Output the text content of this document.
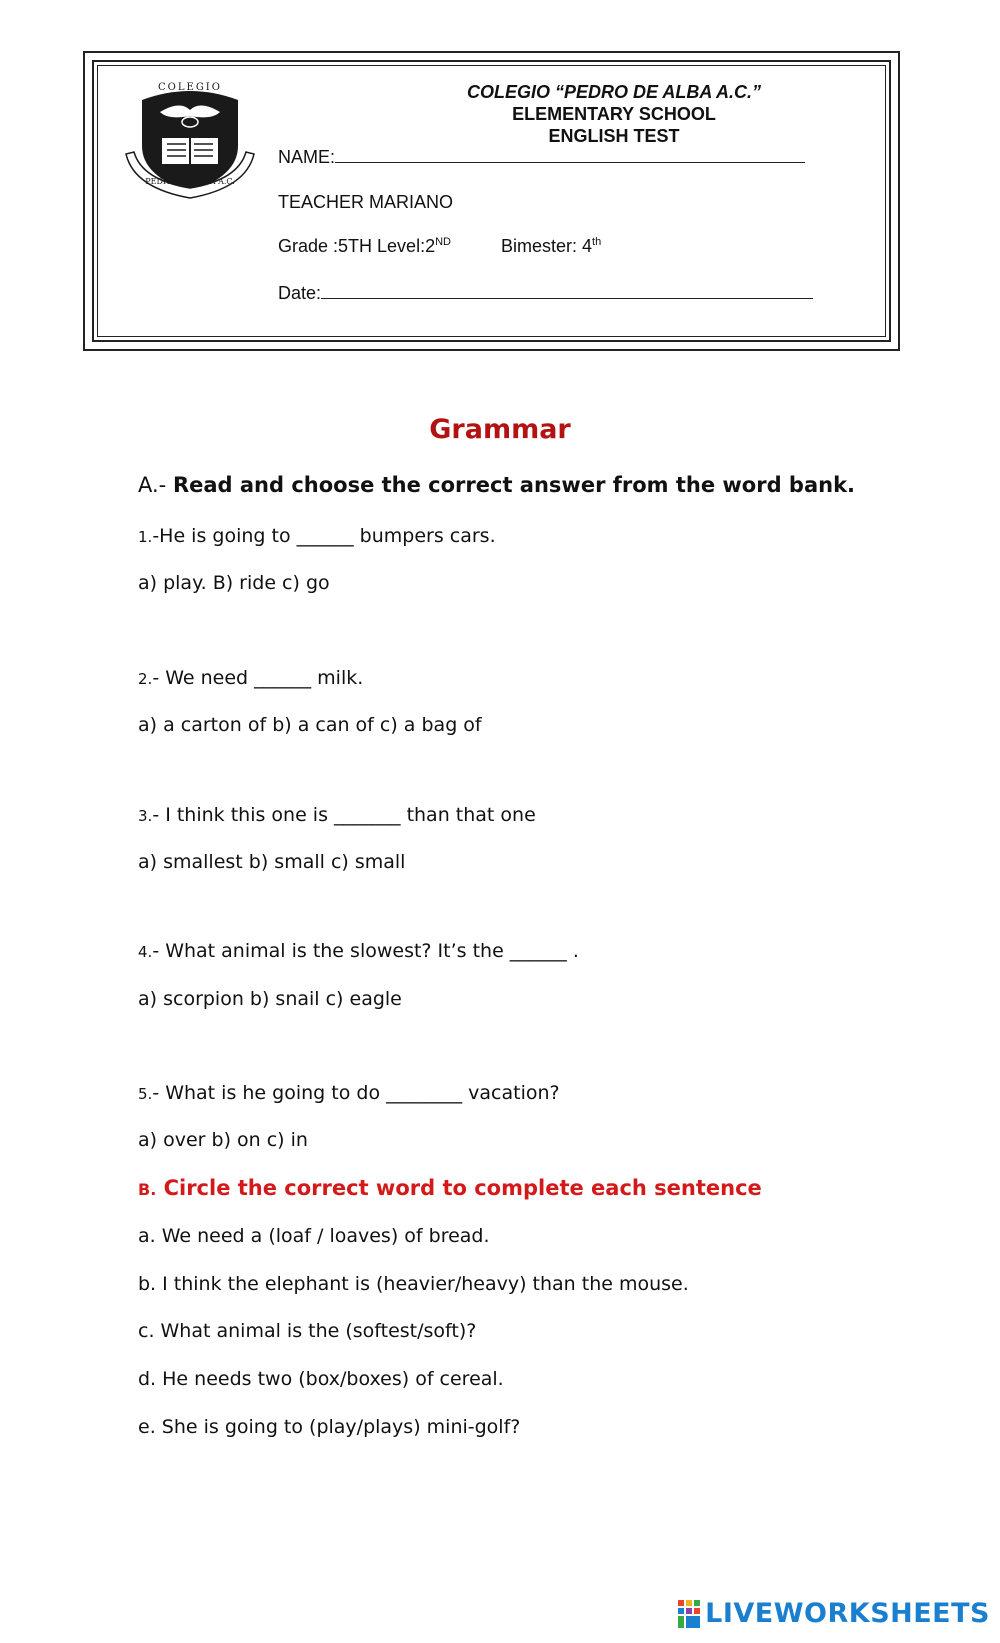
COLEGIO
PEDRO DE ALBA A.C.
COLEGIO “PEDRO DE ALBA A.C.”
ELEMENTARY SCHOOL
ENGLISH TEST
NAME:
TEACHER MARIANO
Grade :5TH Level:2ND	Bimester: 4th
Date:
Grammar
A.- Read and choose the correct answer from the word bank.
1.-He is going to ______ bumpers cars.
a) play. B) ride c) go
2.- We need ______ milk.
a) a carton of b) a can of c) a bag of
3.- I think this one is _______ than that one
a) smallest b) small c) small
4.- What animal is the slowest? It’s the ______ .
a) scorpion b) snail c) eagle
5.- What is he going to do ________ vacation?
a) over b) on c) in
B. Circle the correct word to complete each sentence
a. We need a (loaf / loaves) of bread.
b. I think the elephant is (heavier/heavy) than the mouse.
c. What animal is the (softest/soft)?
d. He needs two (box/boxes) of cereal.
e. She is going to (play/plays) mini-golf?
LIVEWORKSHEETS
